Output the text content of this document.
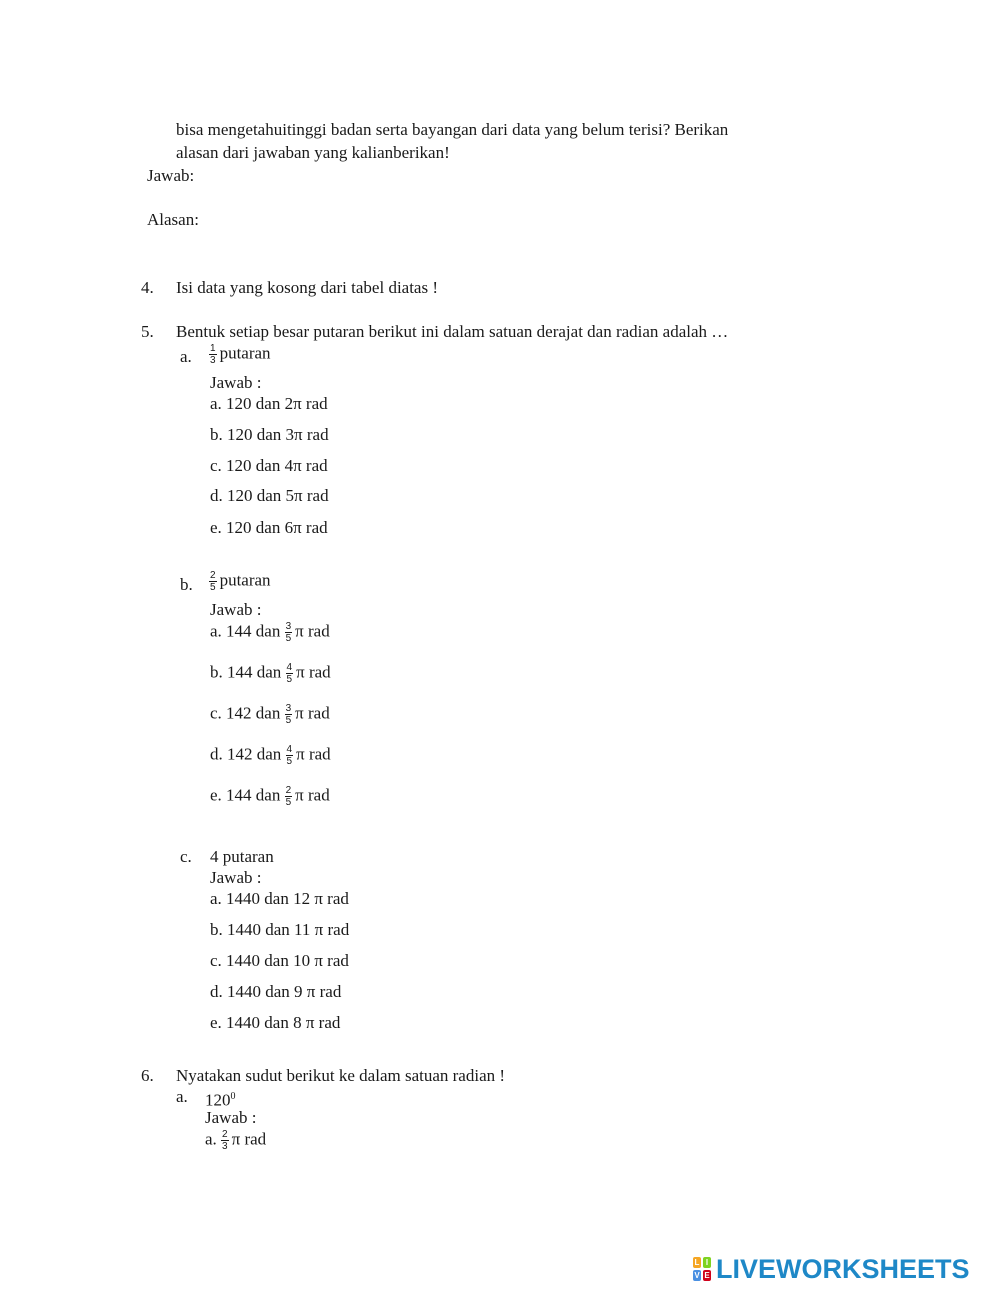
bisa mengetahuitinggi badan serta bayangan dari data yang belum terisi? Berikan
alasan dari jawaban yang kalianberikan!
Jawab:
Alasan:
4. Isi data yang kosong dari tabel diatas !
5. Bentuk setiap besar putaran berikut ini dalam satuan derajat dan radian adalah …
a. $\frac{1}{3}$ putaran
Jawab :
a. 120 dan 2π rad
b. 120 dan 3π rad
c. 120 dan 4π rad
d. 120 dan 5π rad
e. 120 dan 6π rad
b. $\frac{2}{5}$ putaran
Jawab :
a. 144 dan $\frac{3}{5}$ π rad
b. 144 dan $\frac{4}{5}$ π rad
c. 142 dan $\frac{3}{5}$ π rad
d. 142 dan $\frac{4}{5}$ π rad
e. 144 dan $\frac{2}{5}$ π rad
c. 4 putaran
Jawab :
a. 1440 dan 12 π rad
b. 1440 dan 11 π rad
c. 1440 dan 10 π rad
d. 1440 dan 9 π rad
e. 1440 dan 8 π rad
6. Nyatakan sudut berikut ke dalam satuan radian !
a. $120^0$
Jawab :
a. $\frac{2}{3}$ π rad
L I
V E LIVEWORKSHEETS
